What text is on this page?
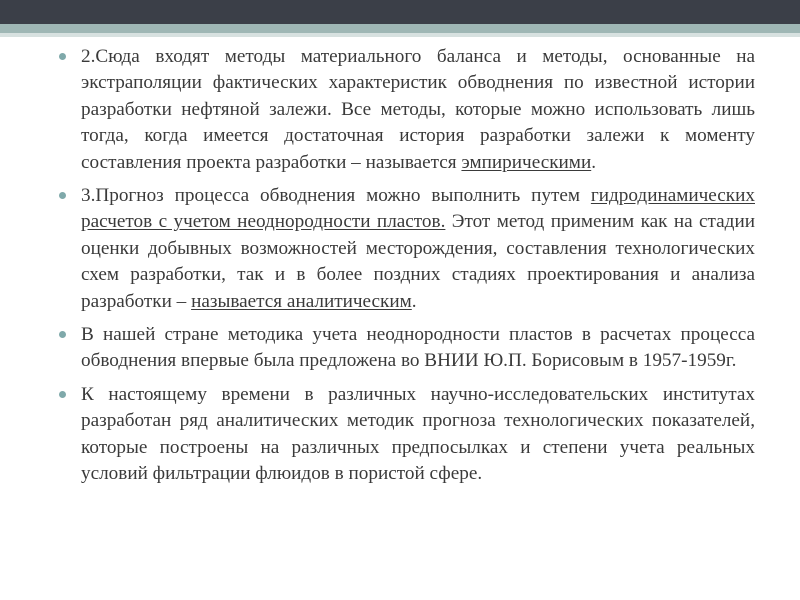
2.Сюда входят методы материального баланса и методы, основанные на экстраполяции фактических характеристик обводнения по известной истории разработки нефтяной залежи. Все методы, которые можно использовать лишь тогда, когда имеется достаточная история разработки залежи к моменту составления проекта разработки – называется эмпирическими.
3.Прогноз процесса обводнения можно выполнить путем гидродинамических расчетов с учетом неоднородности пластов. Этот метод применим как на стадии оценки добывных возможностей месторождения, составления технологических схем разработки, так и в более поздних стадиях проектирования и анализа разработки – называется аналитическим.
В нашей стране методика учета неоднородности пластов в расчетах процесса обводнения впервые была предложена во ВНИИ Ю.П. Борисовым в 1957-1959г.
К настоящему времени в различных научно-исследовательских институтах разработан ряд аналитических методик прогноза технологических показателей, которые построены на различных предпосылках и степени учета реальных условий фильтрации флюидов в пористой сфере.
